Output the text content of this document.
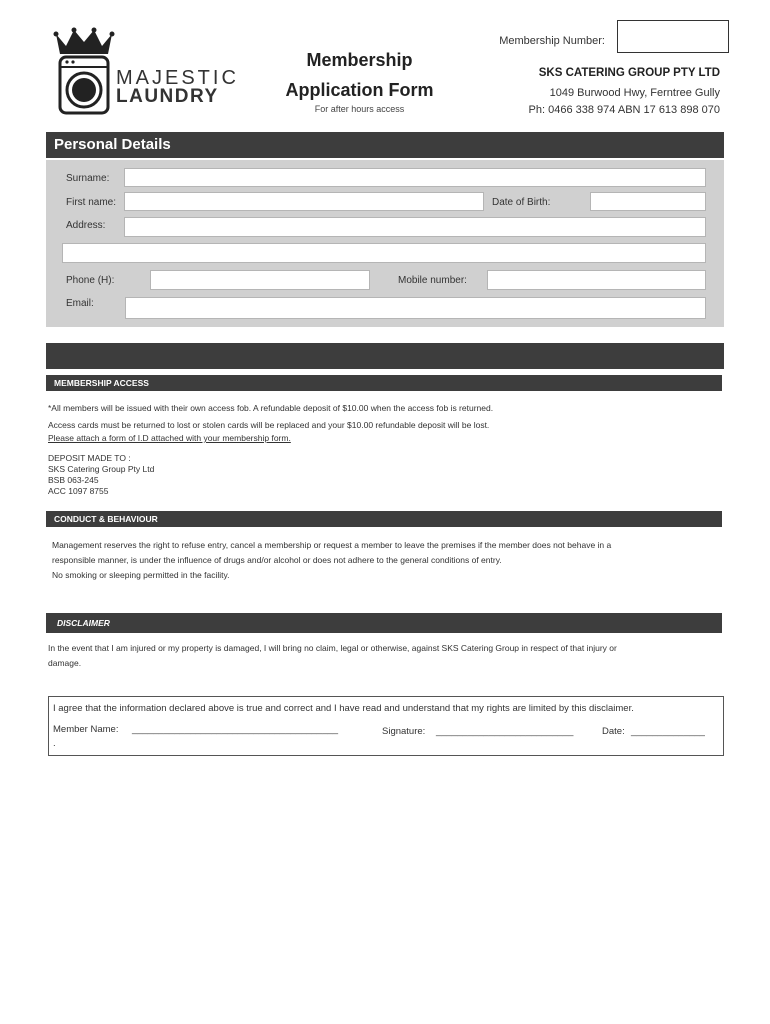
MAJESTIC
LAUNDRY
Membership
Application Form
For after hours access
Membership Number:
SKS CATERING GROUP PTY LTD
1049 Burwood Hwy, Ferntree Gully
Ph: 0466 338 974 ABN 17 613 898 070
Personal Details
Surname:
First name:	Date of Birth:
Address:
Phone (H):	Mobile number:
Email:
MEMBERSHIP ACCESS
*All members will be issued with their own access fob. A refundable deposit of $10.00 when the access fob is returned.
Access cards must be returned to lost or stolen cards will be replaced and your $10.00 refundable deposit will be lost.
Please attach a form of I.D attached with your membership form.
DEPOSIT MADE TO :
SKS Catering Group Pty Ltd
BSB 063-245
ACC 1097 8755
CONDUCT & BEHAVIOUR
Management reserves the right to refuse entry, cancel a membership or request a member to leave the premises if the member does not behave in a
responsible manner, is under the influence of drugs and/or alcohol or does not adhere to the general conditions of entry.
No smoking or sleeping permitted in the facility.
DISCLAIMER
In the event that I am injured or my property is damaged, I will bring no claim, legal or otherwise, against SKS Catering Group in respect of that injury or
damage.
I agree that the information declared above is true and correct and I have read and understand that my rights are limited by this disclaimer.
Member Name: _______________________________________	Signature: __________________________	Date: ______________
.
